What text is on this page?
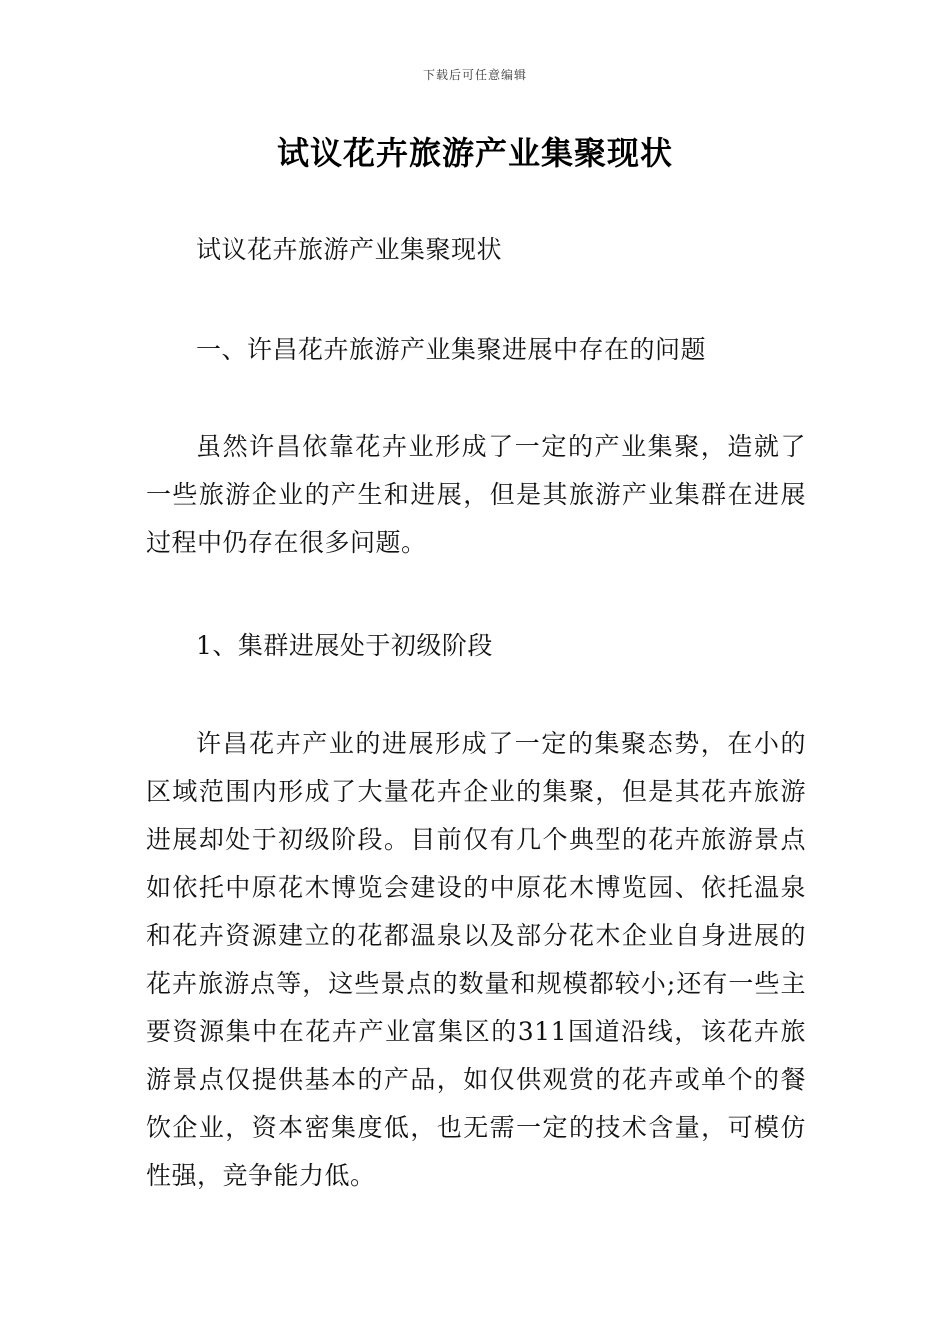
下载后可任意编辑
试议花卉旅游产业集聚现状

试议花卉旅游产业集聚现状

一、许昌花卉旅游产业集聚进展中存在的问题

虽然许昌依靠花卉业形成了一定的产业集聚，造就了一些旅游企业的产生和进展，但是其旅游产业集群在进展过程中仍存在很多问题。

1、集群进展处于初级阶段

许昌花卉产业的进展形成了一定的集聚态势，在小的区域范围内形成了大量花卉企业的集聚，但是其花卉旅游进展却处于初级阶段。目前仅有几个典型的花卉旅游景点如依托中原花木博览会建设的中原花木博览园、依托温泉和花卉资源建立的花都温泉以及部分花木企业自身进展的花卉旅游点等，这些景点的数量和规模都较小;还有一些主要资源集中在花卉产业富集区的311国道沿线，该花卉旅游景点仅提供基本的产品，如仅供观赏的花卉或单个的餐饮企业，资本密集度低，也无需一定的技术含量，可模仿性强，竞争能力低。
